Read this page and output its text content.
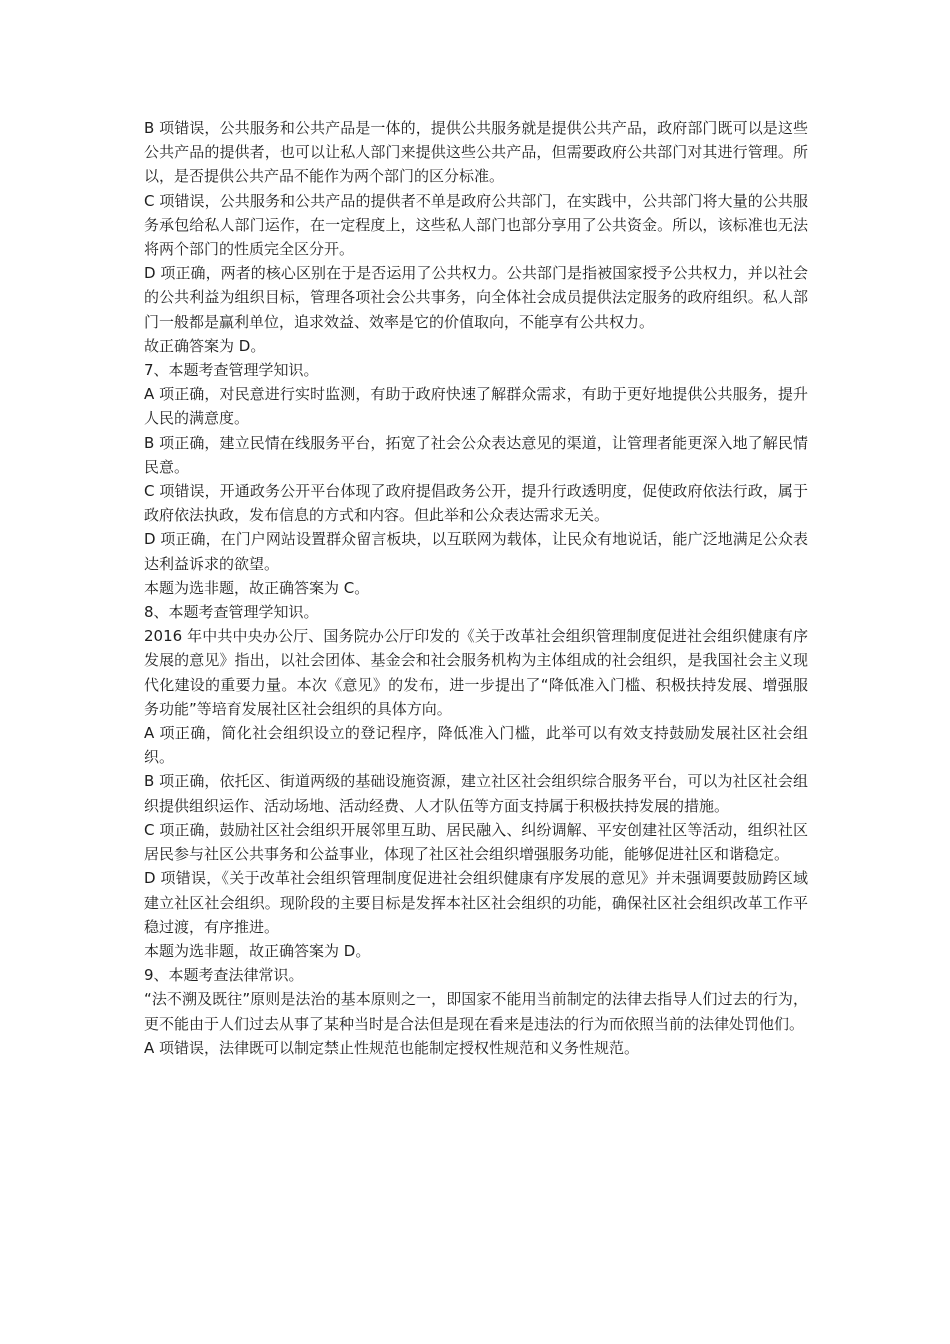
B 项错误，公共服务和公共产品是一体的，提供公共服务就是提供公共产品，政府部门既可以是这些公共产品的提供者，也可以让私人部门来提供这些公共产品，但需要政府公共部门对其进行管理。所以，是否提供公共产品不能作为两个部门的区分标准。

C 项错误，公共服务和公共产品的提供者不单是政府公共部门，在实践中，公共部门将大量的公共服务承包给私人部门运作，在一定程度上，这些私人部门也部分享用了公共资金。所以，该标准也无法将两个部门的性质完全区分开。

D 项正确，两者的核心区别在于是否运用了公共权力。公共部门是指被国家授予公共权力，并以社会的公共利益为组织目标，管理各项社会公共事务，向全体社会成员提供法定服务的政府组织。私人部门一般都是赢利单位，追求效益、效率是它的价值取向，不能享有公共权力。

故正确答案为 D。

7、本题考查管理学知识。

A 项正确，对民意进行实时监测，有助于政府快速了解群众需求，有助于更好地提供公共服务，提升人民的满意度。

B 项正确，建立民情在线服务平台，拓宽了社会公众表达意见的渠道，让管理者能更深入地了解民情民意。

C 项错误，开通政务公开平台体现了政府提倡政务公开，提升行政透明度，促使政府依法行政，属于政府依法执政，发布信息的方式和内容。但此举和公众表达需求无关。

D 项正确，在门户网站设置群众留言板块，以互联网为载体，让民众有地说话，能广泛地满足公众表达利益诉求的欲望。

本题为选非题，故正确答案为 C。

8、本题考查管理学知识。

2016 年中共中央办公厅、国务院办公厅印发的《关于改革社会组织管理制度促进社会组织健康有序发展的意见》指出，以社会团体、基金会和社会服务机构为主体组成的社会组织，是我国社会主义现代化建设的重要力量。本次《意见》的发布，进一步提出了“降低准入门槛、积极扶持发展、增强服务功能”等培育发展社区社会组织的具体方向。

A 项正确，简化社会组织设立的登记程序，降低准入门槛，此举可以有效支持鼓励发展社区社会组织。

B 项正确，依托区、街道两级的基础设施资源，建立社区社会组织综合服务平台，可以为社区社会组织提供组织运作、活动场地、活动经费、人才队伍等方面支持属于积极扶持发展的措施。

C 项正确，鼓励社区社会组织开展邻里互助、居民融入、纠纷调解、平安创建社区等活动，组织社区居民参与社区公共事务和公益事业，体现了社区社会组织增强服务功能，能够促进社区和谐稳定。

D 项错误，《关于改革社会组织管理制度促进社会组织健康有序发展的意见》并未强调要鼓励跨区域建立社区社会组织。现阶段的主要目标是发挥本社区社会组织的功能，确保社区社会组织改革工作平稳过渡，有序推进。

本题为选非题，故正确答案为 D。

9、本题考查法律常识。

“法不溯及既往”原则是法治的基本原则之一，即国家不能用当前制定的法律去指导人们过去的行为，更不能由于人们过去从事了某种当时是合法但是现在看来是违法的行为而依照当前的法律处罚他们。

A 项错误，法律既可以制定禁止性规范也能制定授权性规范和义务性规范。
